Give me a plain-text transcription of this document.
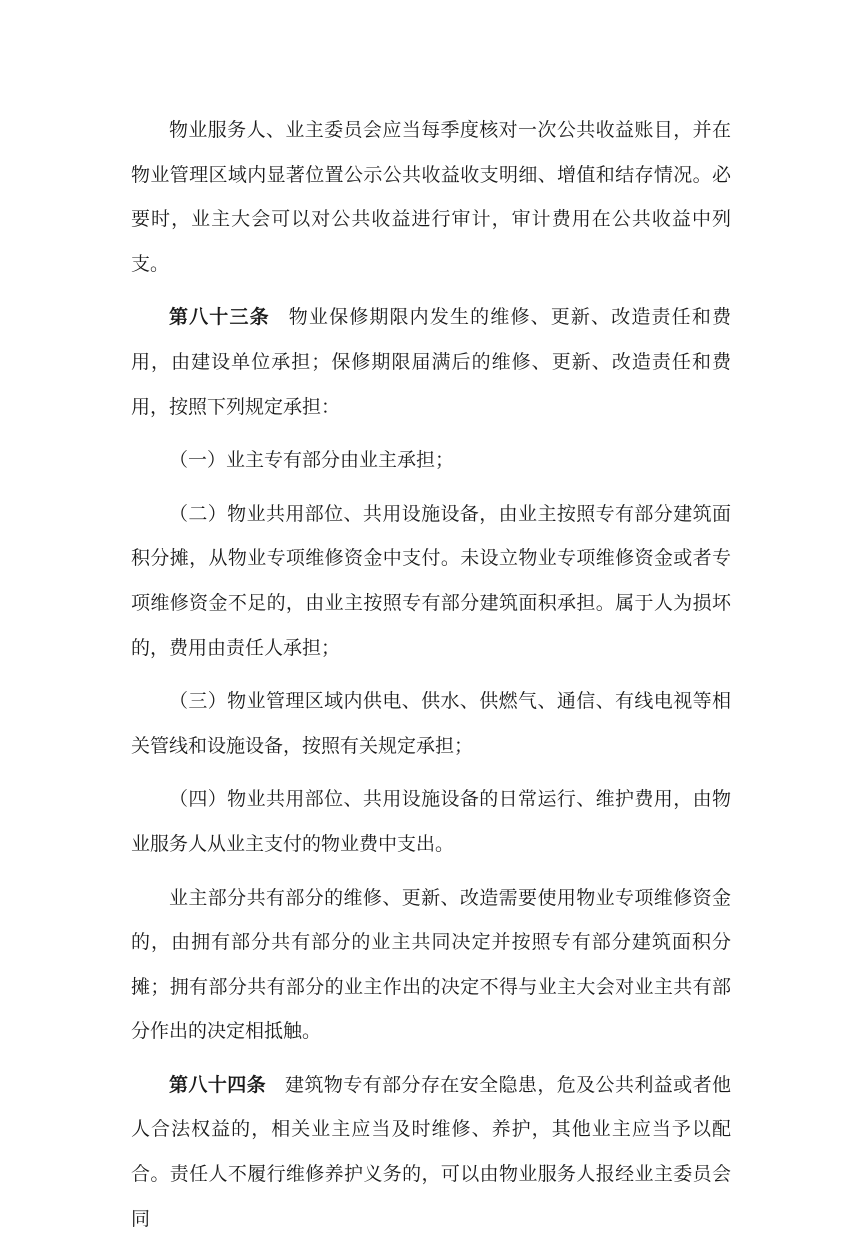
物业服务人、业主委员会应当每季度核对一次公共收益账目，并在物业管理区域内显著位置公示公共收益收支明细、增值和结存情况。必要时，业主大会可以对公共收益进行审计，审计费用在公共收益中列支。

第八十三条 物业保修期限内发生的维修、更新、改造责任和费用，由建设单位承担；保修期限届满后的维修、更新、改造责任和费用，按照下列规定承担：

（一）业主专有部分由业主承担；

（二）物业共用部位、共用设施设备，由业主按照专有部分建筑面积分摊，从物业专项维修资金中支付。未设立物业专项维修资金或者专项维修资金不足的，由业主按照专有部分建筑面积承担。属于人为损坏的，费用由责任人承担；

（三）物业管理区域内供电、供水、供燃气、通信、有线电视等相关管线和设施设备，按照有关规定承担；

（四）物业共用部位、共用设施设备的日常运行、维护费用，由物业服务人从业主支付的物业费中支出。

业主部分共有部分的维修、更新、改造需要使用物业专项维修资金的，由拥有部分共有部分的业主共同决定并按照专有部分建筑面积分摊；拥有部分共有部分的业主作出的决定不得与业主大会对业主共有部分作出的决定相抵触。

第八十四条 建筑物专有部分存在安全隐患，危及公共利益或者他人合法权益的，相关业主应当及时维修、养护，其他业主应当予以配合。责任人不履行维修养护义务的，可以由物业服务人报经业主委员会同
